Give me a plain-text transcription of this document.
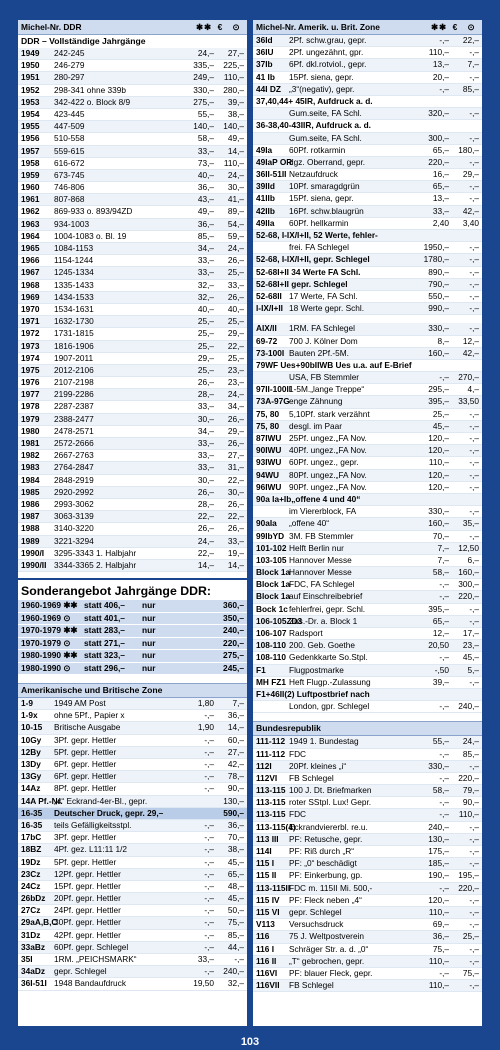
Michel-Nr. DDR	✱✱ €	⊙
DDR – Vollständige Jahrgänge
1949	242-245	24,–	27,–
1950	246-279	335,–	225,–
1951	280-297	249,–	110,–
1952	298-341 ohne 339b	330,–	280,–
1953	342-422 o. Block 8/9	275,–	39,–
1954	423-445	55,–	38,–
1955	447-509	140,–	140,–
1956	510-558	58,–	49,–
1957	559-615	33,–	14,–
1958	616-672	73,–	110,–
1959	673-745	40,–	24,–
1960	746-806	36,–	30,–
1961	807-868	43,–	41,–
1962	869-933 o. 893/94ZD	49,–	89,–
1963	934-1003	36,–	54,–
1964	1004-1083 o. Bl. 19	85,–	59,–
1965	1084-1153	34,–	24,–
1966	1154-1244	33,–	26,–
1967	1245-1334	33,–	25,–
1968	1335-1433	32,–	33,–
1969	1434-1533	32,–	26,–
1970	1534-1631	40,–	40,–
1971	1632-1730	25,–	25,–
1972	1731-1815	25,–	29,–
1973	1816-1906	25,–	22,–
1974	1907-2011	29,–	25,–
1975	2012-2106	25,–	23,–
1976	2107-2198	26,–	23,–
1977	2199-2286	28,–	24,–
1978	2287-2387	33,–	34,–
1979	2388-2477	30,–	26,–
1980	2478-2571	34,–	29,–
1981	2572-2666	33,–	26,–
1982	2667-2763	33,–	27,–
1983	2764-2847	33,–	31,–
1984	2848-2919	30,–	22,–
1985	2920-2992	26,–	30,–
1986	2993-3062	28,–	26,–
1987	3063-3139	22,–	22,–
1988	3140-3220	26,–	26,–
1989	3221-3294	24,–	33,–
1990/I	3295-3343 1. Halbjahr	22,–	19,–
1990/II 3344-3365 2. Halbjahr	14,–	14,–
Sonderangebot Jahrgänge DDR:
1960-1969 ✱✱ statt 406,–	nur	360,–
1960-1969 ⊙	statt 401,–	nur	350,–
1970-1979 ✱✱ statt 283,–	nur	240,–
1970-1979 ⊙	statt 271,–	nur	220,–
1980-1990 ✱✱ statt 323,–	nur	275,–
1980-1990 ⊙	statt 296,–	nur	245,–
Amerikanische und Britische Zone
1-9	1949 AM Post	1,80	7,–
1-9x	ohne 5Pf., Papier x	-,–	36,–
10-15	Britische Ausgabe	1,90	14,–
10Gy	3Pf. gepr. Hettler	-,–	60,–
12By	5Pf. gepr. Hettler	-,–	27,–
13Dy	6Pf. gepr. Hettler	-,–	42,–
13Gy	6Pf. gepr. Hettler	-,–	78,–
14Az	8Pf. gepr. Hettler	-,–	90,–
14A Pf.-Nr.
„4“ Eckrand-4er-Bl., gepr.	130,–
16-35	Deutscher Druck, gepr. 29,–	590,–
16-35	teils Gefälligkeitsstpl.	-,–	36,–
17bC	3Pf. gepr. Hettler	-,–	70,–
18BZ	4Pf. gez. L11:11 1/2	-,–	38,–
19Dz	5Pf. gepr. Hettler	-,–	45,–
23Cz	12Pf. gepr. Hettler	-,–	65,–
24Cz	15Pf. gepr. Hettler	-,–	48,–
26bDz	20Pf. gepr. Hettler	-,–	45,–
27Cz	24Pf. gepr. Hettler	-,–	50,–
29aA,B,C
30Pf. gepr. Hettler	-,–	75,–
31Dz	42Pf. gepr. Hettler	-,–	85,–
33aBz	60Pf. gepr. Schlegel	-,–	44,–
35I	1RM. „PEICHSMARK“	33,–	-,–
34aDz	gepr. Schlegel	-,–	240,–
36I-51I 1948 Bandaufdruck	19,50	32,–
Michel-Nr. Amerik. u. Brit. Zone	✱✱ €	⊙
36Id	2Pf. schw.grau, gepr.	-,–	22,–
36IU	2Pf. ungezähnt, gpr.	110,–	-,–
37Ib	6Pf. dkl.rotviol., gepr.	13,–	7,–
41 Ib	15Pf. siena, gepr.	20,–	-,–
44I DZ „3“(negativ), gepr.	-,–	85,–
37,40,44+ 45IR, Aufdruck a. d.
Gum.seite, FA Schl.	320,–	-,–
36-38,40-43IIR, Aufdruck a. d.
Gum.seite, FA Schl.	300,–	-,–
49Ia	60Pf. rotkarmin	65,–	180,–
49IaP OR
dgz. Oberrand, gepr.	220,–	-,–
36II-51II Netzaufdruck	16,–	29,–
39IId	10Pf. smaragdgrün	65,–	-,–
41IIb	15Pf. siena, gepr.	13,–	-,–
42IIb	16Pf. schw.blaugrün	33,–	42,–
49IIa	60Pf. hellkarmin	2,40	3,40
52-68, I-IX/I+II, 52 Werte, fehler-
frei. FA Schlegel	1950,–	-,–
52-68, I-IX/I+II, gepr. Schlegel	1780,–	-,–
52-68I+II 34 Werte FA Schl.	890,–	-,–
52-68I+II gepr. Schlegel	790,–	-,–
52-68II 17 Werte, FA Schl.	550,–	-,–
I-IX/I+II 18 Werte gepr. Schl.	990,–	-,–
AIX/II	1RM. FA Schlegel	330,–	-,–
69-72	700 J. Kölner Dom	8,–	12,–
73-100I Bauten 2Pf.-5M.	160,–	42,–
79WF Ues+90bIIWB Ues u.a. auf E-Brief
USA, FB Stemmler	-,–	270,–
97II-100II
1-5M.„lange Treppe“	295,–	4,–
73A-97G enge Zähnung	395,–	33,50
75, 80	5,10Pf. stark verzähnt	25,–	-,–
75, 80	desgl. im Paar	45,–	-,–
87IWU 25Pf. ungez.„FA Nov.	120,–	-,–
90IWU 40Pf. ungez.„FA Nov.	120,–	-,–
93IWU 60Pf. ungez., gepr.	110,–	-,–
94WU	80Pf. ungez.„FA Nov.	120,–	-,–
96IWU 90Pf. ungez.„FA Nov.	120,–	-,–
90a Ia+Ib„offene 4 und 40“
im Viererblock, FA	330,–	-,–
90aIa	„offene 40“	160,–	35,–
99IbYD 3M. FB Stemmler	70,–	-,–
101-102 Helft Berlin nur	7,–	12,50
103-105 Hannover Messe	7,–	6,–
Block 1a
Hannover Messe	58,–	160,–
Block 1a
FDC, FA Schlegel	-,–	300,–
Block 1a
auf Einschreibebrief	-,–	220,–
Bock 1c fehlerfrei, gepr. Schl.	395,–	-,–
106-105ZD3
Zus.-Dr. a. Block 1	65,–	-,–
106-107 Radsport	12,–	17,–
108-110 200. Geb. Goethe	20,50	23,–
108-110 Gedenkkarte So.Stpl.	-,–	45,–
F1	Flugpostmarke	-,50	5,–
MH FZ1 Heft Flugp.-Zulassung	39,–	-,–
F1+46II(2) Luftpostbrief nach
London, gpr. Schlegel	-,–	240,–
Bundesrepublik
111-112 1949 1. Bundestag	55,–	24,–
111-112 FDC	-,–	85,–
112I	20Pf. kleines „i“	330,–	-,–
112VI	FB Schlegel	-,–	220,–
113-115 100 J. Dt. Briefmarken	58,–	79,–
113-115 roter SStpl. Lux! Gepr.	-,–	90,–
113-115 FDC	-,–	110,–
113-115(4)
Eckrandviererbl. re.u.	240,–	-,–
113 III	PF: Retusche, gepr.	130,–	-,–
114I	PF: Riß durch „R“	175,–	-,–
115 I	PF: „0“ beschädigt	185,–	-,–
115 II	PF: Einkerbung, gp.	190,–	195,–
113-115II
FDC m. 115II Mi. 500,-	-,–	220,–
115 IV	PF: Fleck neben „4“	120,–	-,–
115 VI	gepr. Schlegel	110,–	-,–
V113	Versuchsdruck	69,–	-,–
116	75 J. Weltpostverein	36,–	25,–
116 I	Schräger Str. a. d. „0“	75,–	-,–
116 II	„T“ gebrochen, gepr.	110,–	-,–
116VI	PF: blauer Fleck, gepr.	-,–	75,–
116VII	FB Schlegel	110,–	-,–
103
